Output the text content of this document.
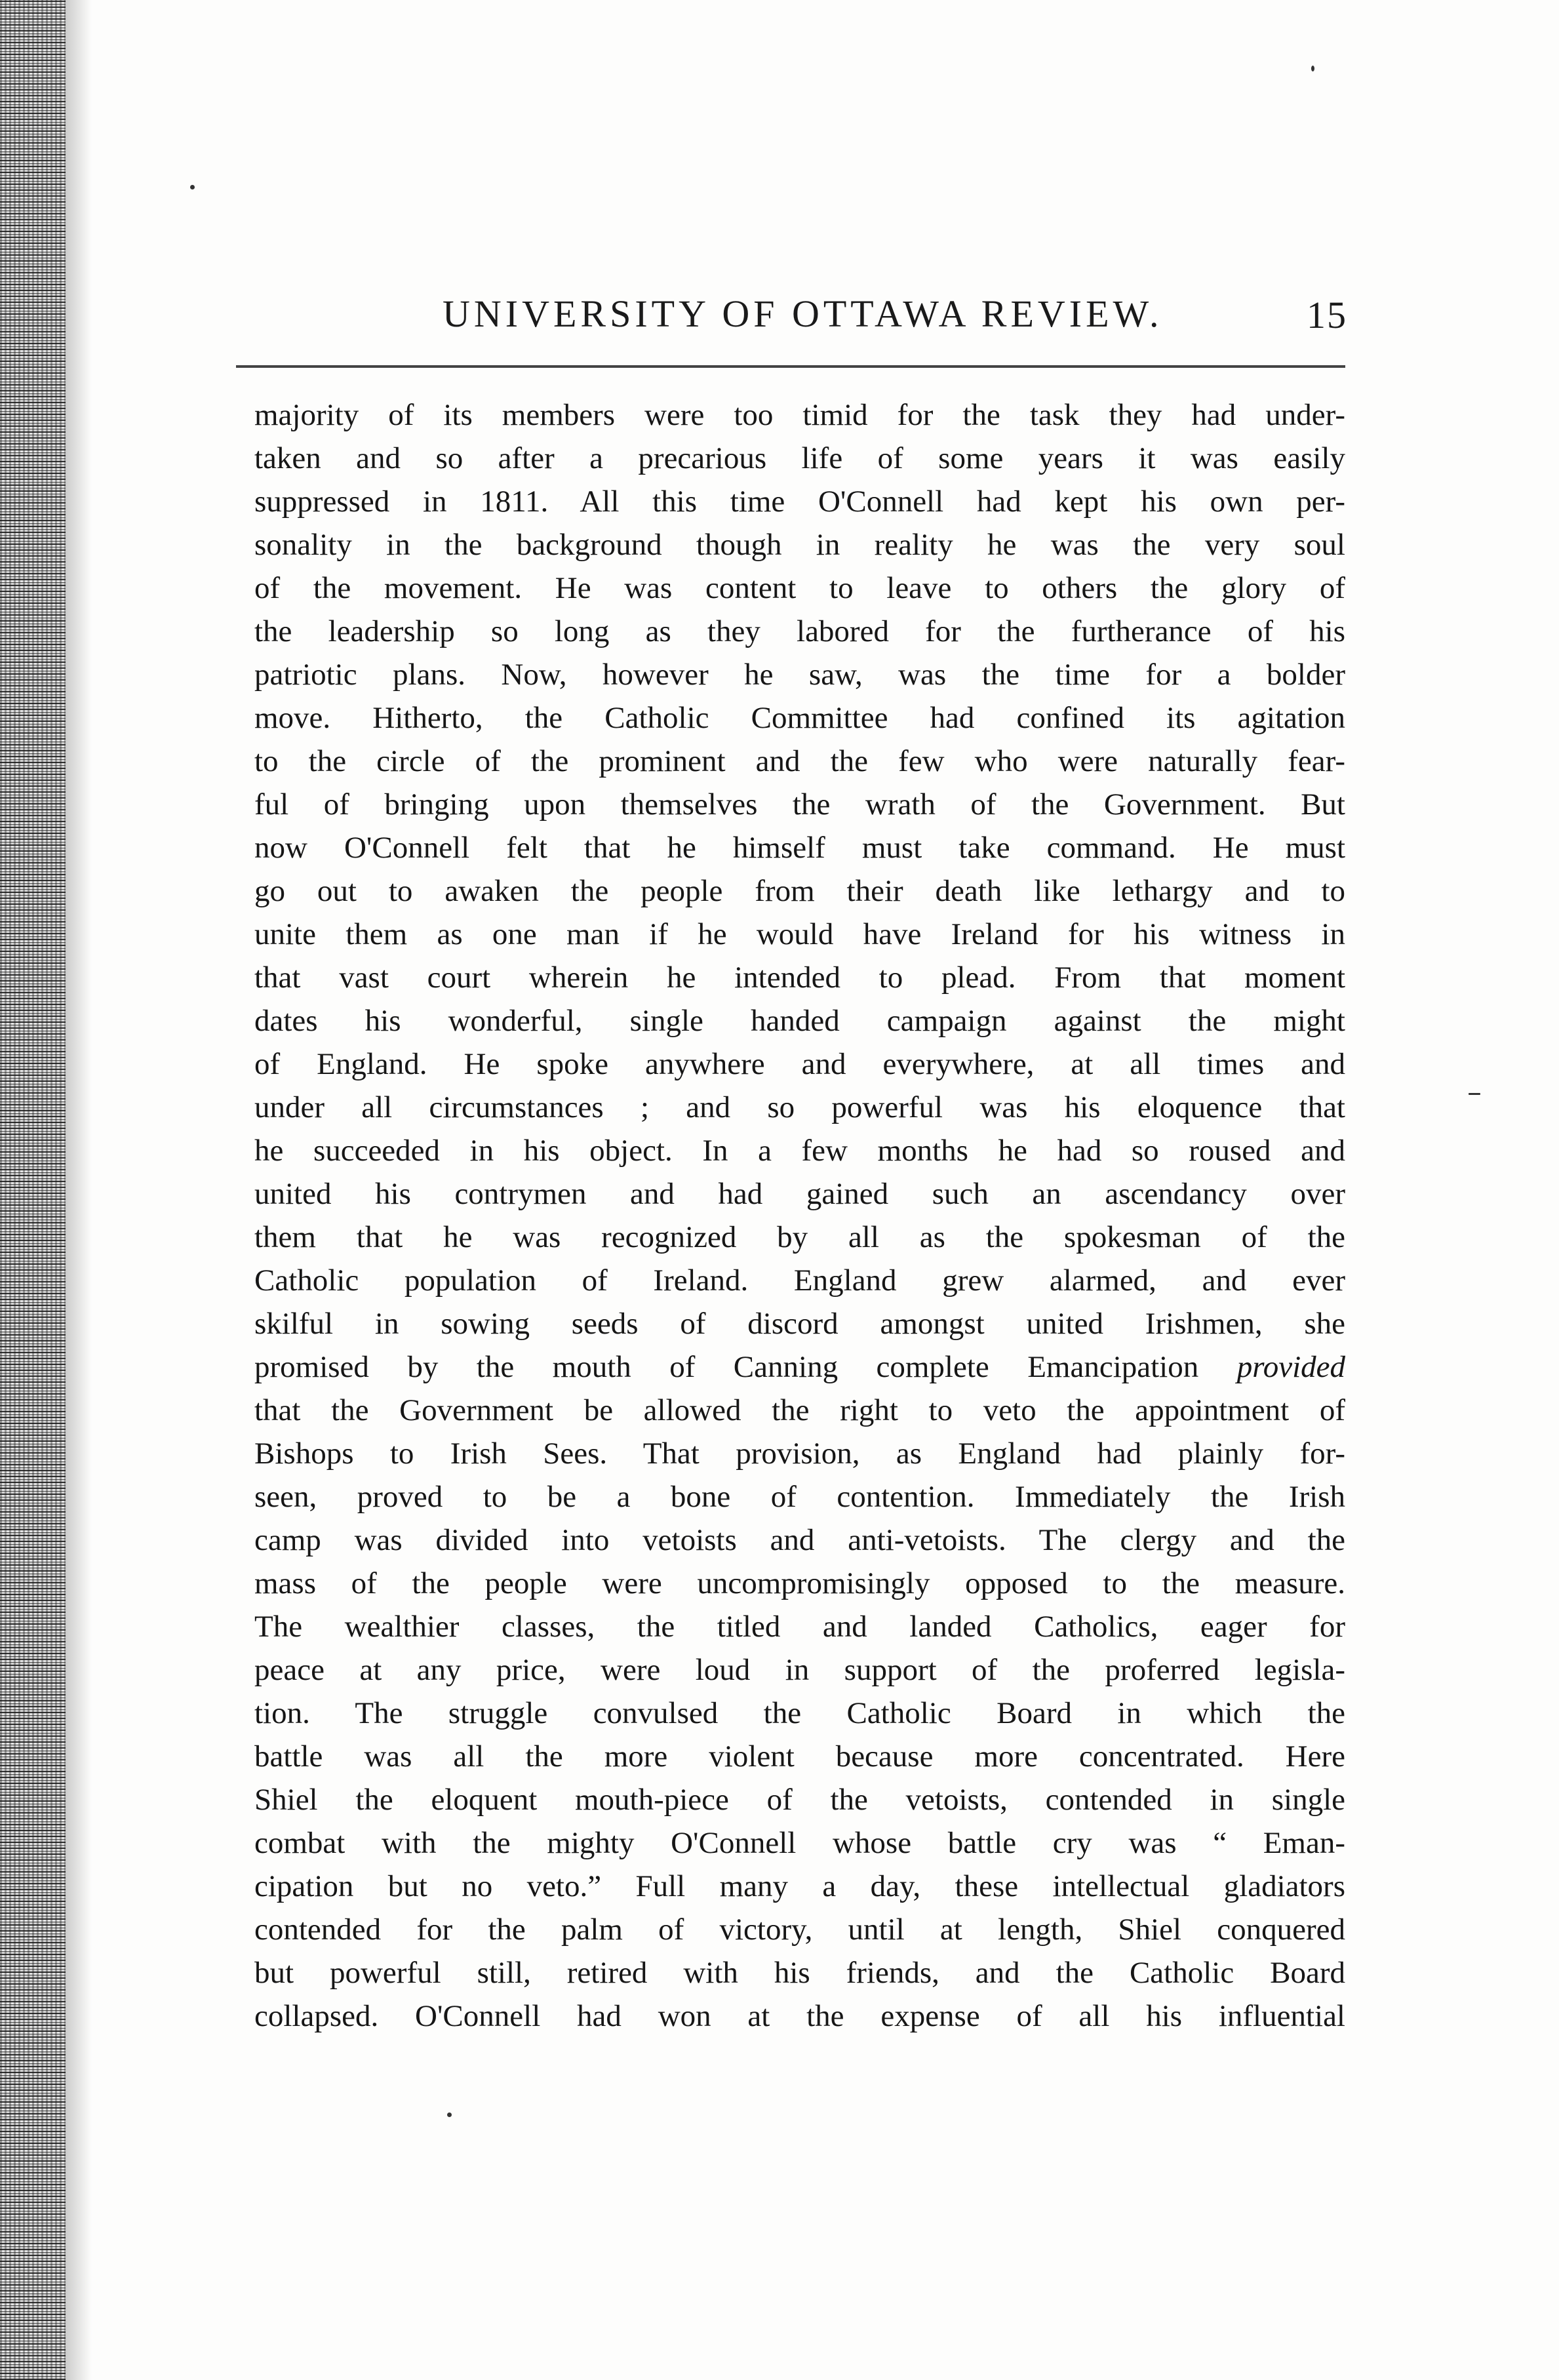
UNIVERSITY OF OTTAWA REVIEW.	15
majority of its members were too timid for the task they had under-
taken and so after a precarious life of some years it was easily
suppressed in 1811. All this time O'Connell had kept his own per-
sonality in the background though in reality he was the very soul
of the movement. He was content to leave to others the glory of
the leadership so long as they labored for the furtherance of his
patriotic plans. Now, however he saw, was the time for a bolder
move. Hitherto, the Catholic Committee had confined its agitation
to the circle of the prominent and the few who were naturally fear-
ful of bringing upon themselves the wrath of the Government. But
now O'Connell felt that he himself must take command. He must
go out to awaken the people from their death like lethargy and to
unite them as one man if he would have Ireland for his witness in
that vast court wherein he intended to plead. From that moment
dates his wonderful, single handed campaign against the might
of England. He spoke anywhere and everywhere, at all times and
under all circumstances ; and so powerful was his eloquence that
he succeeded in his object. In a few months he had so roused and
united his contrymen and had gained such an ascendancy over
them that he was recognized by all as the spokesman of the
Catholic population of Ireland. England grew alarmed, and ever
skilful in sowing seeds of discord amongst united Irishmen, she
promised by the mouth of Canning complete Emancipation provided
that the Government be allowed the right to veto the appointment of
Bishops to Irish Sees. That provision, as England had plainly for-
seen, proved to be a bone of contention. Immediately the Irish
camp was divided into vetoists and anti-vetoists. The clergy and the
mass of the people were uncompromisingly opposed to the measure.
The wealthier classes, the titled and landed Catholics, eager for
peace at any price, were loud in support of the proferred legisla-
tion. The struggle convulsed the Catholic Board in which the
battle was all the more violent because more concentrated. Here
Shiel the eloquent mouth-piece of the vetoists, contended in single
combat with the mighty O'Connell whose battle cry was “ Eman-
cipation but no veto.” Full many a day, these intellectual gladiators
contended for the palm of victory, until at length, Shiel conquered
but powerful still, retired with his friends, and the Catholic Board
collapsed. O'Connell had won at the expense of all his influential
